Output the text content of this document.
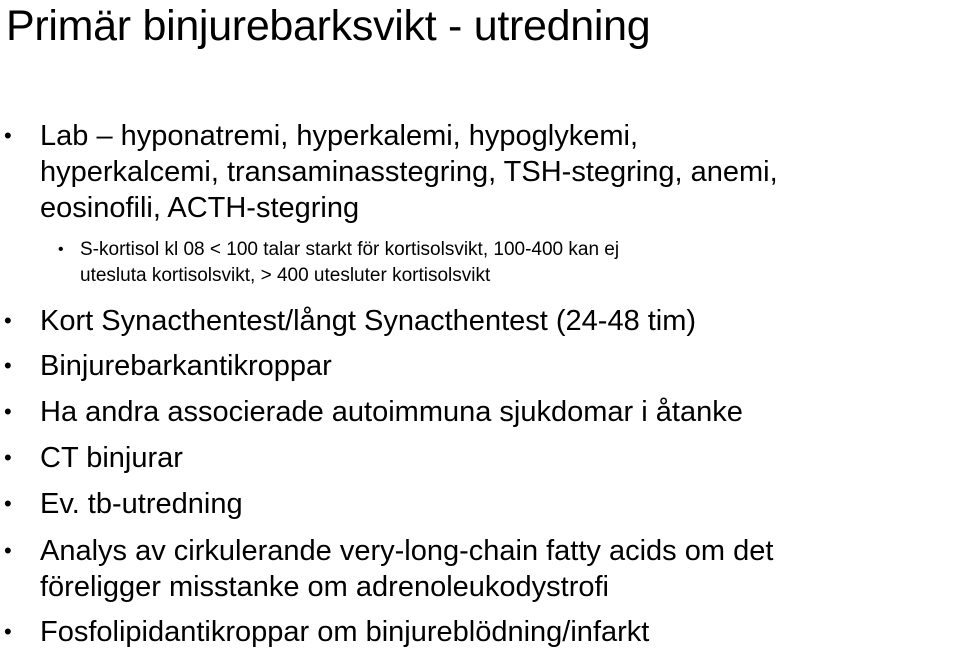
Primär binjurebarksvikt - utredning
• Lab – hyponatremi, hyperkalemi, hypoglykemi,
hyperkalcemi, transaminasstegring, TSH-stegring, anemi,
eosinofili, ACTH-stegring
• S-kortisol kl 08 < 100 talar starkt för kortisolsvikt, 100-400 kan ej
utesluta kortisolsvikt, > 400 utesluter kortisolsvikt
• Kort Synacthentest/långt Synacthentest (24-48 tim)
• Binjurebarkantikroppar
• Ha andra associerade autoimmuna sjukdomar i åtanke
• CT binjurar
• Ev. tb-utredning
• Analys av cirkulerande very-long-chain fatty acids om det
föreligger misstanke om adrenoleukodystrofi
• Fosfolipidantikroppar om binjureblödning/infarkt
